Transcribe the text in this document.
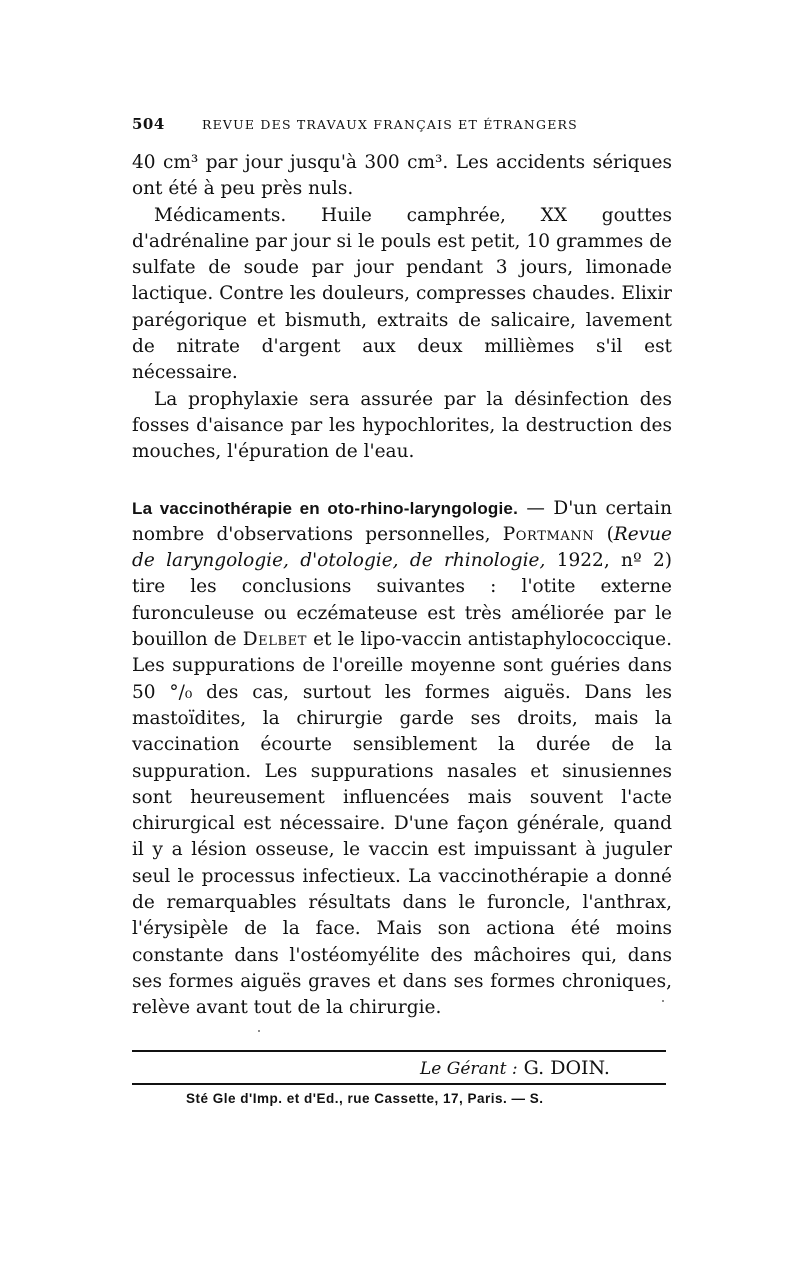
504	REVUE DES TRAVAUX FRANÇAIS ET ÉTRANGERS

40 cm³ par jour jusqu'à 300 cm³. Les accidents sériques ont été à peu près nuls.

Médicaments. Huile camphrée, XX gouttes d'adrénaline par jour si le pouls est petit, 10 grammes de sulfate de soude par jour pendant 3 jours, limonade lactique. Contre les douleurs, compresses chaudes. Elixir parégorique et bismuth, extraits de salicaire, lavement de nitrate d'argent aux deux millièmes s'il est nécessaire.

La prophylaxie sera assurée par la désinfection des fosses d'aisance par les hypochlorites, la destruction des mouches, l'épuration de l'eau.

La vaccinothérapie en oto-rhino-laryngologie. — D'un certain nombre d'observations personnelles, Portmann (Revue de laryngologie, d'otologie, de rhinologie, 1922, nº 2) tire les conclusions suivantes : l'otite externe furonculeuse ou eczémateuse est très améliorée par le bouillon de Delbet et le lipo-vaccin antistaphylococcique. Les suppurations de l'oreille moyenne sont guéries dans 50 °/₀ des cas, surtout les formes aiguës. Dans les mastoïdites, la chirurgie garde ses droits, mais la vaccination écourte sensiblement la durée de la suppuration. Les suppurations nasales et sinusiennes sont heureusement influencées mais souvent l'acte chirurgical est nécessaire. D'une façon générale, quand il y a lésion osseuse, le vaccin est impuissant à juguler seul le processus infectieux. La vaccinothérapie a donné de remarquables résultats dans le furoncle, l'anthrax, l'érysipèle de la face. Mais son actiona été moins constante dans l'ostéomyélite des mâchoires qui, dans ses formes aiguës graves et dans ses formes chroniques, relève avant tout de la chirurgie.

Le Gérant : G. DOIN.
Sté Gle d'Imp. et d'Ed., rue Cassette, 17, Paris. — S.
